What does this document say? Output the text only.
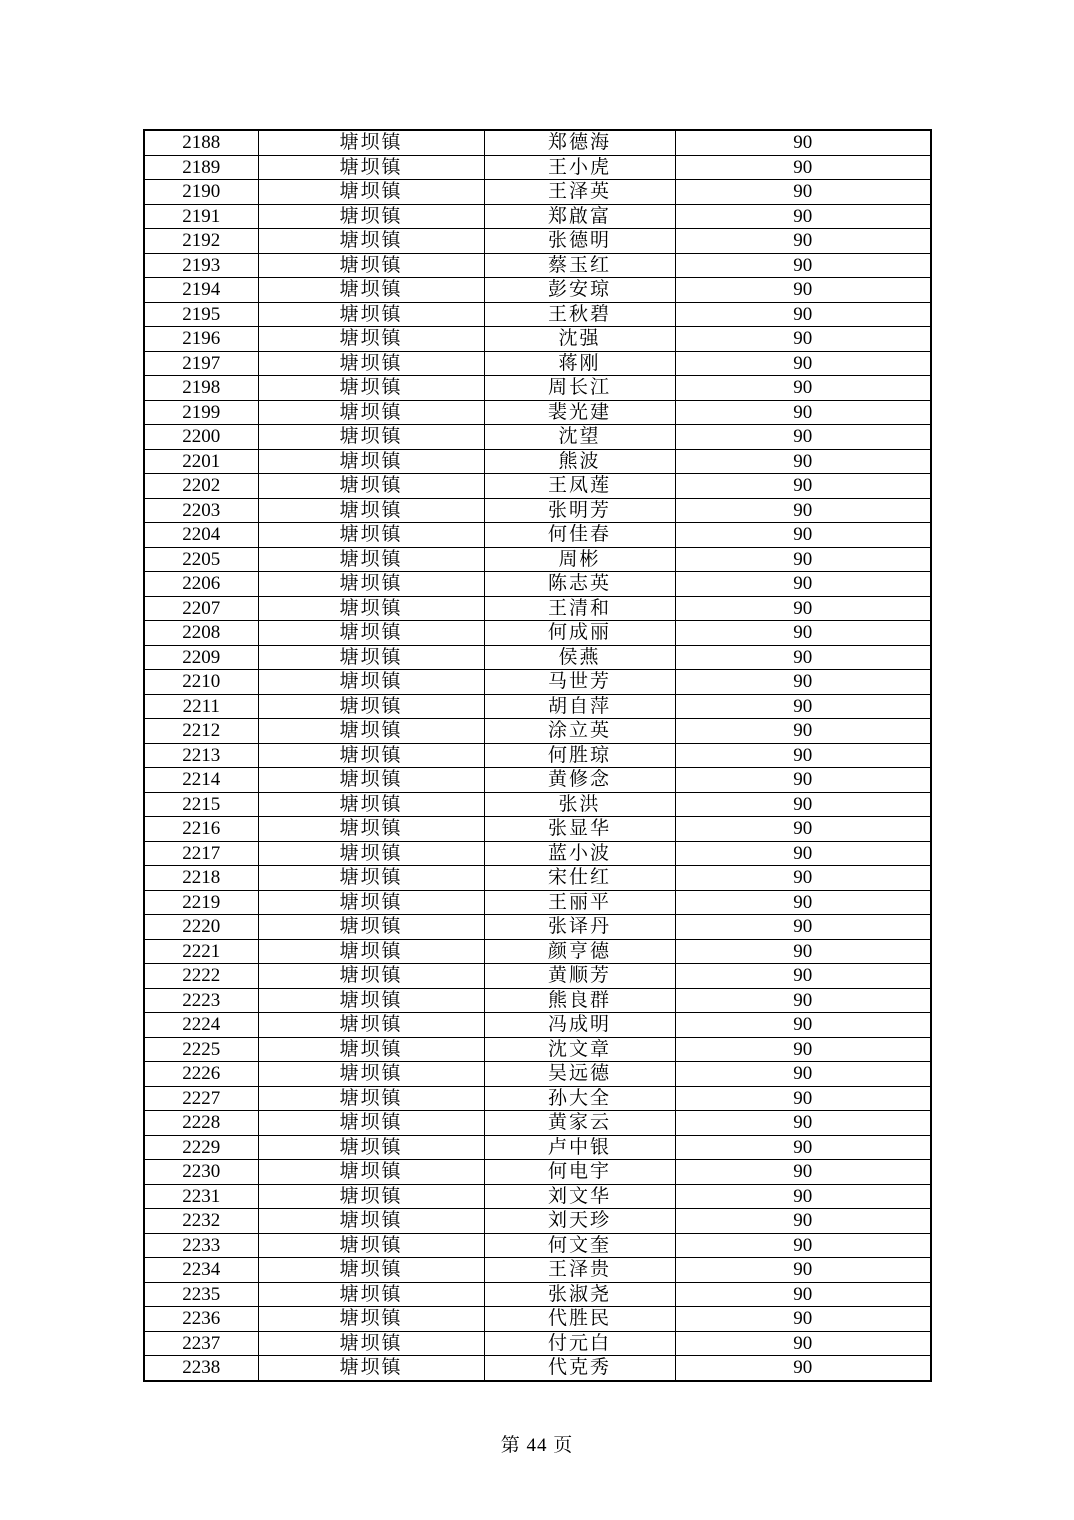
2188	塘坝镇	郑德海	90
2189	塘坝镇	王小虎	90
2190	塘坝镇	王泽英	90
2191	塘坝镇	郑啟富	90
2192	塘坝镇	张德明	90
2193	塘坝镇	蔡玉红	90
2194	塘坝镇	彭安琼	90
2195	塘坝镇	王秋碧	90
2196	塘坝镇	沈强	90
2197	塘坝镇	蒋刚	90
2198	塘坝镇	周长江	90
2199	塘坝镇	裴光建	90
2200	塘坝镇	沈望	90
2201	塘坝镇	熊波	90
2202	塘坝镇	王凤莲	90
2203	塘坝镇	张明芳	90
2204	塘坝镇	何佳春	90
2205	塘坝镇	周彬	90
2206	塘坝镇	陈志英	90
2207	塘坝镇	王清和	90
2208	塘坝镇	何成丽	90
2209	塘坝镇	侯燕	90
2210	塘坝镇	马世芳	90
2211	塘坝镇	胡自萍	90
2212	塘坝镇	涂立英	90
2213	塘坝镇	何胜琼	90
2214	塘坝镇	黄修念	90
2215	塘坝镇	张洪	90
2216	塘坝镇	张显华	90
2217	塘坝镇	蓝小波	90
2218	塘坝镇	宋仕红	90
2219	塘坝镇	王丽平	90
2220	塘坝镇	张译丹	90
2221	塘坝镇	颜亨德	90
2222	塘坝镇	黄顺芳	90
2223	塘坝镇	熊良群	90
2224	塘坝镇	冯成明	90
2225	塘坝镇	沈文章	90
2226	塘坝镇	吴远德	90
2227	塘坝镇	孙大全	90
2228	塘坝镇	黄家云	90
2229	塘坝镇	卢中银	90
2230	塘坝镇	何电宇	90
2231	塘坝镇	刘文华	90
2232	塘坝镇	刘天珍	90
2233	塘坝镇	何文奎	90
2234	塘坝镇	王泽贵	90
2235	塘坝镇	张淑尧	90
2236	塘坝镇	代胜民	90
2237	塘坝镇	付元白	90
2238	塘坝镇	代克秀	90
第 44 页
